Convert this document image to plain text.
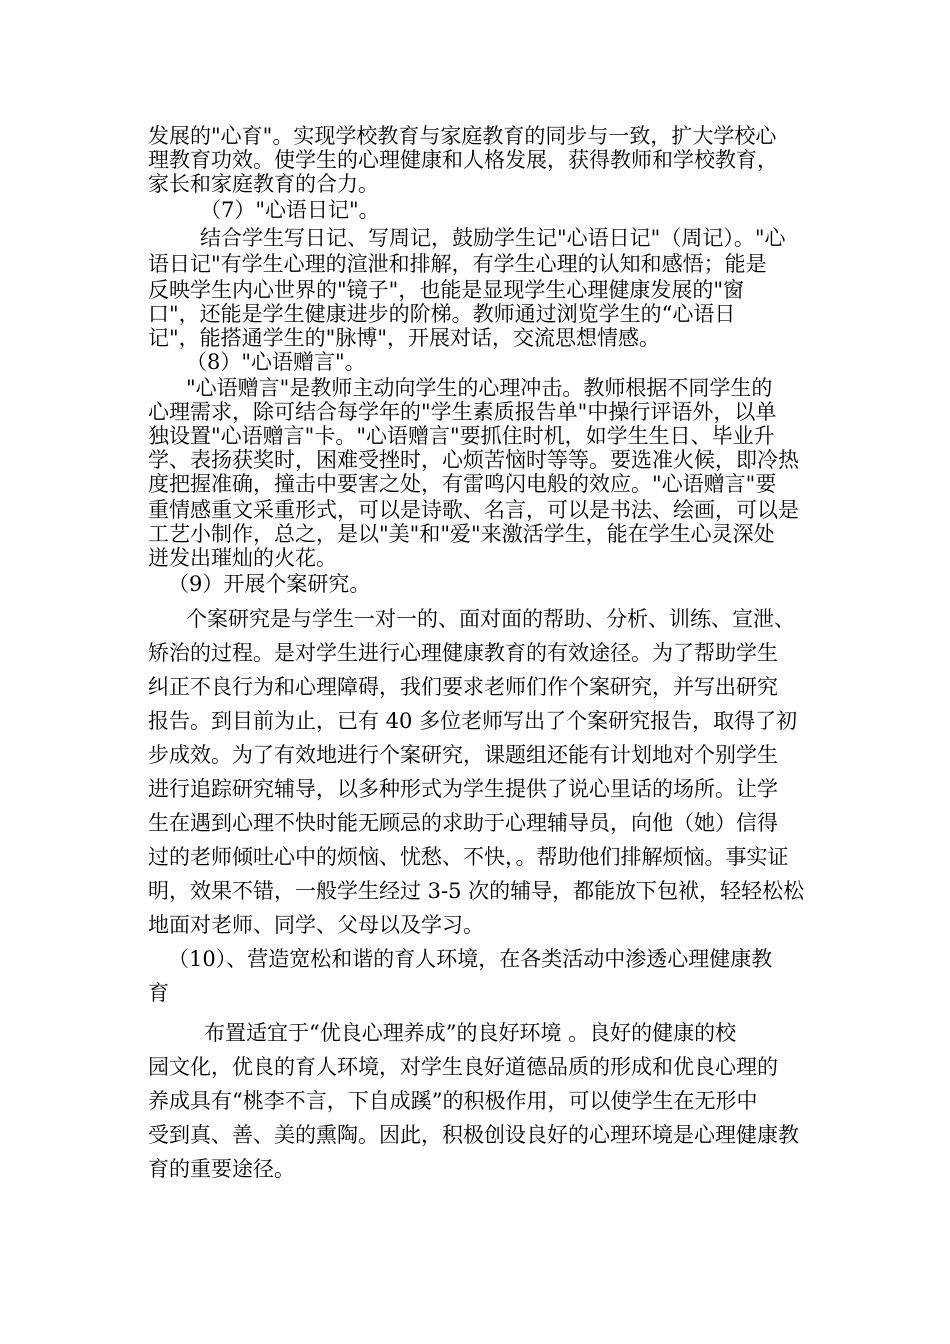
发展的"心育"。实现学校教育与家庭教育的同步与一致，扩大学校心
理教育功效。使学生的心理健康和人格发展，获得教师和学校教育，
家长和家庭教育的合力。
（7）"心语日记"。
结合学生写日记、写周记，鼓励学生记"心语日记"（周记）。"心
语日记"有学生心理的渲泄和排解，有学生心理的认知和感悟；能是
反映学生内心世界的"镜子"，也能是显现学生心理健康发展的"窗
口"，还能是学生健康进步的阶梯。教师通过浏览学生的“心语日
记"，能搭通学生的"脉博"，开展对话，交流思想情感。
（8）"心语赠言"。
"心语赠言"是教师主动向学生的心理冲击。教师根据不同学生的
心理需求，除可结合每学年的"学生素质报告单"中操行评语外，以单
独设置"心语赠言"卡。"心语赠言"要抓住时机，如学生生日、毕业升
学、表扬获奖时，困难受挫时，心烦苦恼时等等。要选准火候，即冷热
度把握准确，撞击中要害之处，有雷鸣闪电般的效应。"心语赠言"要
重情感重文采重形式，可以是诗歌、名言，可以是书法、绘画，可以是
工艺小制作，总之，是以"美"和"爱"来激活学生，能在学生心灵深处
迸发出璀灿的火花。
（9）开展个案研究。
个案研究是与学生一对一的、面对面的帮助、分析、训练、宣泄、
矫治的过程。是对学生进行心理健康教育的有效途径。为了帮助学生
纠正不良行为和心理障碍，我们要求老师们作个案研究，并写出研究
报告。到目前为止，已有 40 多位老师写出了个案研究报告，取得了初
步成效。为了有效地进行个案研究，课题组还能有计划地对个别学生
进行追踪研究辅导，以多种形式为学生提供了说心里话的场所。让学
生在遇到心理不快时能无顾忌的求助于心理辅导员，向他（她）信得
过的老师倾吐心中的烦恼、忧愁、不快，。帮助他们排解烦恼。事实证
明，效果不错，一般学生经过 3-5 次的辅导，都能放下包袱，轻轻松松
地面对老师、同学、父母以及学习。
（10）、营造宽松和谐的育人环境，在各类活动中渗透心理健康教
育
布置适宜于“优良心理养成”的良好环境 。良好的健康的校
园文化，优良的育人环境，对学生良好道德品质的形成和优良心理的
养成具有“桃李不言，下自成蹊”的积极作用，可以使学生在无形中
受到真、善、美的熏陶。因此，积极创设良好的心理环境是心理健康教
育的重要途径。
